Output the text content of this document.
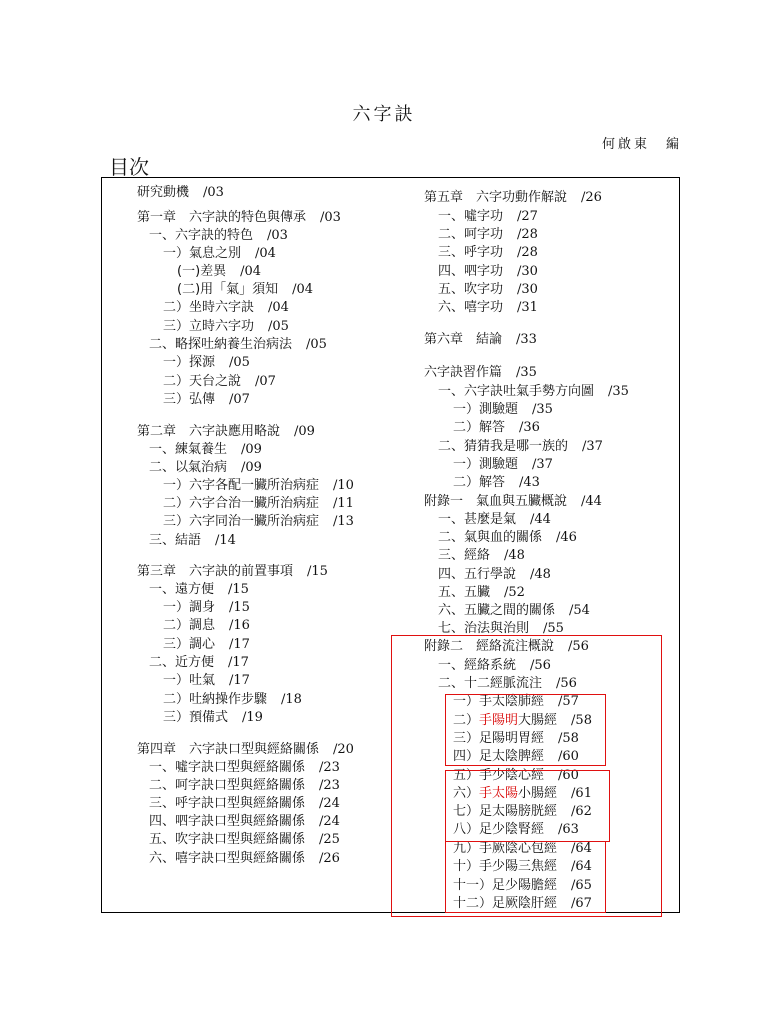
六字訣
何啟東　編
目次
研究動機 /03
第一章　六字訣的特色與傳承 /03
一、六字訣的特色 /03
一）氣息之別 /04
(一)差異 /04
(二)用「氣」須知 /04
二）坐時六字訣 /04
三）立時六字功 /05
二、略探吐納養生治病法 /05
一）探源 /05
二）天台之說 /07
三）弘傳 /07
第二章　六字訣應用略說 /09
一、練氣養生 /09
二、以氣治病 /09
一）六字各配一臟所治病症 /10
二）六字合治一臟所治病症 /11
三）六字同治一臟所治病症 /13
三、結語 /14
第三章　六字訣的前置事項 /15
一、遠方便 /15
一）調身 /15
二）調息 /16
三）調心 /17
二、近方便 /17
一）吐氣 /17
二）吐納操作步驟 /18
三）預備式 /19
第四章　六字訣口型與經絡關係 /20
一、噓字訣口型與經絡關係 /23
二、呵字訣口型與經絡關係 /23
三、呼字訣口型與經絡關係 /24
四、呬字訣口型與經絡關係 /24
五、吹字訣口型與經絡關係 /25
六、嘻字訣口型與經絡關係 /26
第五章　六字功動作解說 /26
一、噓字功 /27
二、呵字功 /28
三、呼字功 /28
四、呬字功 /30
五、吹字功 /30
六、嘻字功 /31
第六章　結論 /33
六字訣習作篇 /35
一、六字訣吐氣手勢方向圖 /35
一）測驗題 /35
二）解答 /36
二、猜猜我是哪一族的 /37
一）測驗題 /37
二）解答 /43
附錄一　氣血與五臟概說 /44
一、甚麼是氣 /44
二、氣與血的關係 /46
三、經絡 /48
四、五行學說 /48
五、五臟 /52
六、五臟之間的關係 /54
七、治法與治則 /55
附錄二　經絡流注概說 /56
一、經絡系統 /56
二、十二經脈流注 /56
一）手太陰肺經 /57
二）手陽明大腸經 /58
三）足陽明胃經 /58
四）足太陰脾經 /60
五）手少陰心經 /60
六）手太陽小腸經 /61
七）足太陽膀胱經 /62
八）足少陰腎經 /63
九）手厥陰心包經 /64
十）手少陽三焦經 /64
十一）足少陽膽經 /65
十二）足厥陰肝經 /67
